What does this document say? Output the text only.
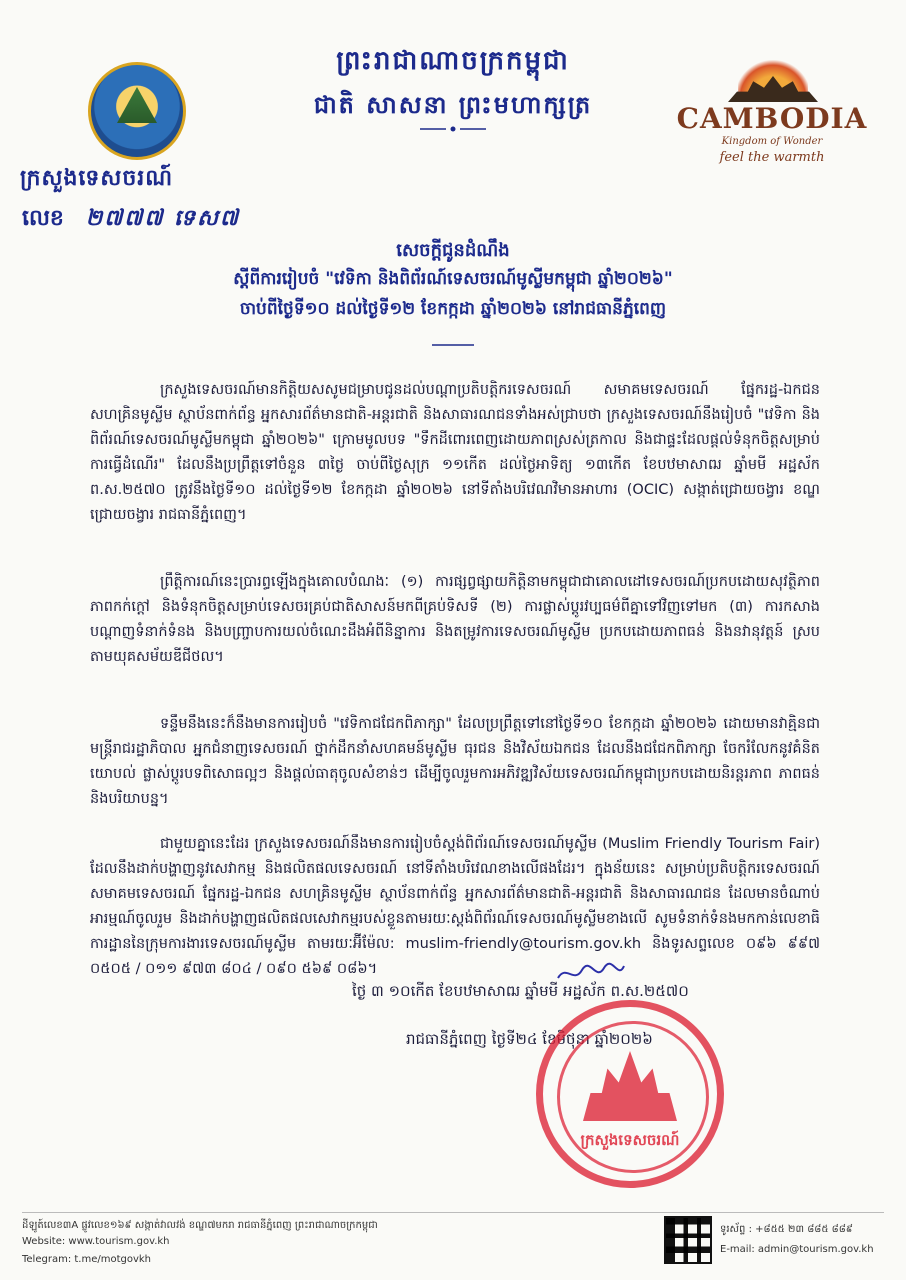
ព្រះរាជាណាចក្រកម្ពុជា
ជាតិ សាសនា ព្រះមហាក្សត្រ	CAMBODIA
Kingdom of Wonder
feel the warmth
ក្រសួងទេសចរណ៍
លេខ ២៧៧៧ ទេស៧
សេចក្តីជូនដំណឹង
ស្តីពីការរៀបចំ "វេទិកា និងពិព័រណ៍ទេសចរណ៍មូស្លីមកម្ពុជា ឆ្នាំ២០២៦"
ចាប់ពីថ្ងៃទី១០ ដល់ថ្ងៃទី១២ ខែកក្កដា ឆ្នាំ២០២៦ នៅរាជធានីភ្នំពេញ
ក្រសួងទេសចរណ៍មានកិត្តិយសសូមជម្រាបជូនដល់បណ្តាប្រតិបត្តិករទេសចរណ៍ សមាគមទេសចរណ៍ ផ្នែករដ្ឋ-ឯកជន សហគ្រិនមូស្លីម ស្ថាប័នពាក់ព័ន្ធ អ្នកសារព័ត៌មានជាតិ-អន្តរជាតិ និងសាធារណជនទាំងអស់ជ្រាបថា ក្រសួងទេសចរណ៍នឹងរៀបចំ "វេទិកា និងពិព័រណ៍ទេសចរណ៍មូស្លីមកម្ពុជា ឆ្នាំ២០២៦" ក្រោមមូលបទ "ទឹកដីពោរពេញដោយភាពស្រស់ត្រកាល និងជាផ្ទះដែលផ្តល់ទំនុកចិត្តសម្រាប់ ការធ្វើដំណើរ" ដែលនឹងប្រព្រឹត្តទៅចំនួន ៣ថ្ងៃ ចាប់ពីថ្ងៃសុក្រ ១១កើត ដល់ថ្ងៃអាទិត្យ ១៣កើត ខែបឋមាសាឍ ឆ្នាំមមី អដ្ឋស័ក ព.ស.២៥៧០ ត្រូវនឹងថ្ងៃទី១០ ដល់ថ្ងៃទី១២ ខែកក្កដា ឆ្នាំ២០២៦ នៅទីតាំងបរិវេណវិមានអាហារ (OCIC) សង្កាត់ជ្រោយចង្វារ ខណ្ឌជ្រោយចង្វារ រាជធានីភ្នំពេញ។
ព្រឹត្តិការណ៍នេះប្រារព្ធឡើងក្នុងគោលបំណងៈ (១) ការផ្សព្វផ្សាយកិត្តិនាមកម្ពុជាជាគោលដៅទេសចរណ៍ប្រកបដោយសុវត្ថិភាព ភាពកក់ក្តៅ និងទំនុកចិត្តសម្រាប់ទេសចរគ្រប់ជាតិសាសន៍មកពីគ្រប់ទិសទី (២) ការផ្លាស់ប្តូរវប្បធម៌ពីគ្នាទៅវិញទៅមក (៣) ការកសាងបណ្តាញទំនាក់ទំនង និងបញ្ច្រាបការយល់ចំណេះដឹងអំពីនិន្នាការ និងតម្រូវការទេសចរណ៍មូស្លីម ប្រកបដោយភាពធន់ និងនវានុវត្តន៍ ស្របតាមយុគសម័យឌីជីថល។
ទន្ទឹមនឹងនេះក៏នឹងមានការរៀបចំ "វេទិកាជជែកពិភាក្សា" ដែលប្រព្រឹត្តទៅនៅថ្ងៃទី១០ ខែកក្កដា ឆ្នាំ២០២៦ ដោយមានវាគ្មិនជាមន្ត្រីរាជរដ្ឋាភិបាល អ្នកជំនាញទេសចរណ៍ ថ្នាក់ដឹកនាំសហគមន៍មូស្លីម ធុរជន និងវិស័យឯកជន ដែលនឹងជជែកពិភាក្សា ចែករំលែកនូវគំនិតយោបល់ ផ្លាស់ប្តូរបទពិសោធល្អៗ និងផ្តល់ធាតុចូលសំខាន់ៗ ដើម្បីចូលរួមការអភិវឌ្ឍវិស័យទេសចរណ៍កម្ពុជាប្រកបដោយនិរន្តរភាព ភាពធន់ និងបរិយាបន្ន។
ជាមួយគ្នានេះដែរ ក្រសួងទេសចរណ៍នឹងមានការរៀបចំស្តង់ពិព័រណ៍ទេសចរណ៍មូស្លីម (Muslim Friendly Tourism Fair) ដែលនឹងដាក់បង្ហាញនូវសេវាកម្ម និងផលិតផលទេសចរណ៍ នៅទីតាំងបរិវេណខាងលើផងដែរ។ ក្នុងន័យនេះ សម្រាប់ប្រតិបត្តិករទេសចរណ៍ សមាគមទេសចរណ៍ ផ្នែករដ្ឋ-ឯកជន សហគ្រិនមូស្លីម ស្ថាប័នពាក់ព័ន្ធ អ្នកសារព័ត៌មានជាតិ-អន្តរជាតិ និងសាធារណជន ដែលមានចំណាប់អារម្មណ៍ចូលរួម និងដាក់បង្ហាញផលិតផលសេវាកម្មរបស់ខ្លួនតាមរយៈស្តង់ពិព័រណ៍ទេសចរណ៍មូស្លីមខាងលើ សូមទំនាក់ទំនងមកកាន់លេខាធិការដ្ឋាននៃក្រុមការងារទេសចរណ៍មូស្លីម តាមរយៈអ៊ីម៉ែល: muslim-friendly@tourism.gov.kh និងទូរសព្ទលេខ ០៩៦ ៩៩៧ ០៥០៥ / ០១១ ៩៧៣ ៨០៤ / ០៩០ ៥៦៩ ០៨៦។
ថ្ងៃ ៣ ១០កើត ខែបឋមាសាឍ ឆ្នាំមមី អដ្ឋស័ក ព.ស.២៥៧០
រាជធានីភ្នំពេញ ថ្ងៃទី២៤ ខែមិថុនា ឆ្នាំ២០២៦
ក្រសួងទេសចរណ៍
ដីឡូត៍លេខ៣A ផ្លូវលេខ១៦៩ សង្កាត់វាលវង់ ខណ្ឌ៧មករា រាជធានីភ្នំពេញ ព្រះរាជាណាចក្រកម្ពុជា
Website: www.tourism.gov.kh
Telegram: t.me/motgovkh
ទូរស័ព្ទ : +៨៥៥ ២៣ ៨៨៥ ៨៨៩
E-mail: admin@tourism.gov.kh
